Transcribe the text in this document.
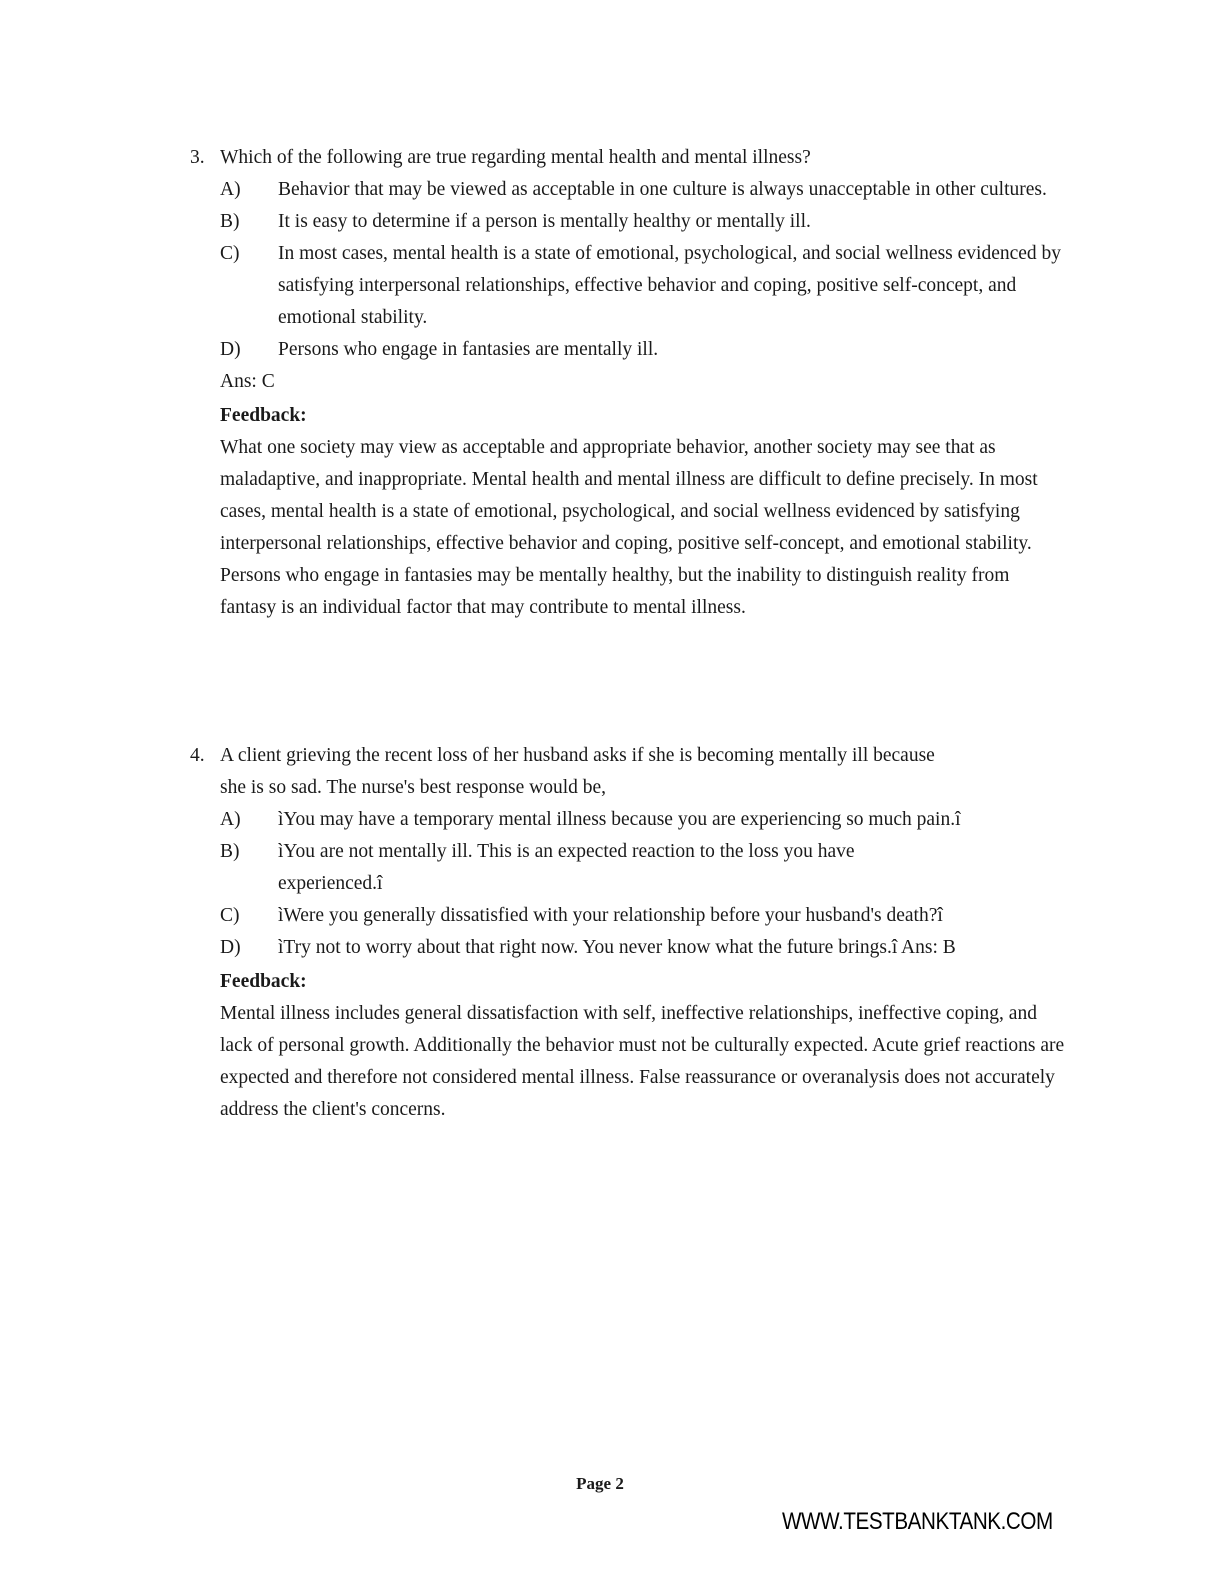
3. Which of the following are true regarding mental health and mental illness?
A)	Behavior that may be viewed as acceptable in one culture is always unacceptable in other cultures.
B)	It is easy to determine if a person is mentally healthy or mentally ill.
C)	In most cases, mental health is a state of emotional, psychological, and social wellness evidenced by satisfying interpersonal relationships, effective behavior and coping, positive self-concept, and emotional stability.
D)	Persons who engage in fantasies are mentally ill.
Ans: C
Feedback:
What one society may view as acceptable and appropriate behavior, another society may see that as maladaptive, and inappropriate. Mental health and mental illness are difficult to define precisely. In most cases, mental health is a state of emotional, psychological, and social wellness evidenced by satisfying interpersonal relationships, effective behavior and coping, positive self-concept, and emotional stability. Persons who engage in fantasies may be mentally healthy, but the inability to distinguish reality from fantasy is an individual factor that may contribute to mental illness.
4. A client grieving the recent loss of her husband asks if she is becoming mentally ill because she is so sad. The nurse's best response would be,
A)	ìYou may have a temporary mental illness because you are experiencing so much pain.î
B)	ìYou are not mentally ill. This is an expected reaction to the loss you have experienced.î
C)	ìWere you generally dissatisfied with your relationship before your husband's death?î
D)	ìTry not to worry about that right now. You never know what the future brings.î Ans: B
Feedback:
Mental illness includes general dissatisfaction with self, ineffective relationships, ineffective coping, and lack of personal growth. Additionally the behavior must not be culturally expected. Acute grief reactions are expected and therefore not considered mental illness. False reassurance or overanalysis does not accurately address the client's concerns.
Page 2
WWW.TESTBANKTANK.COM
